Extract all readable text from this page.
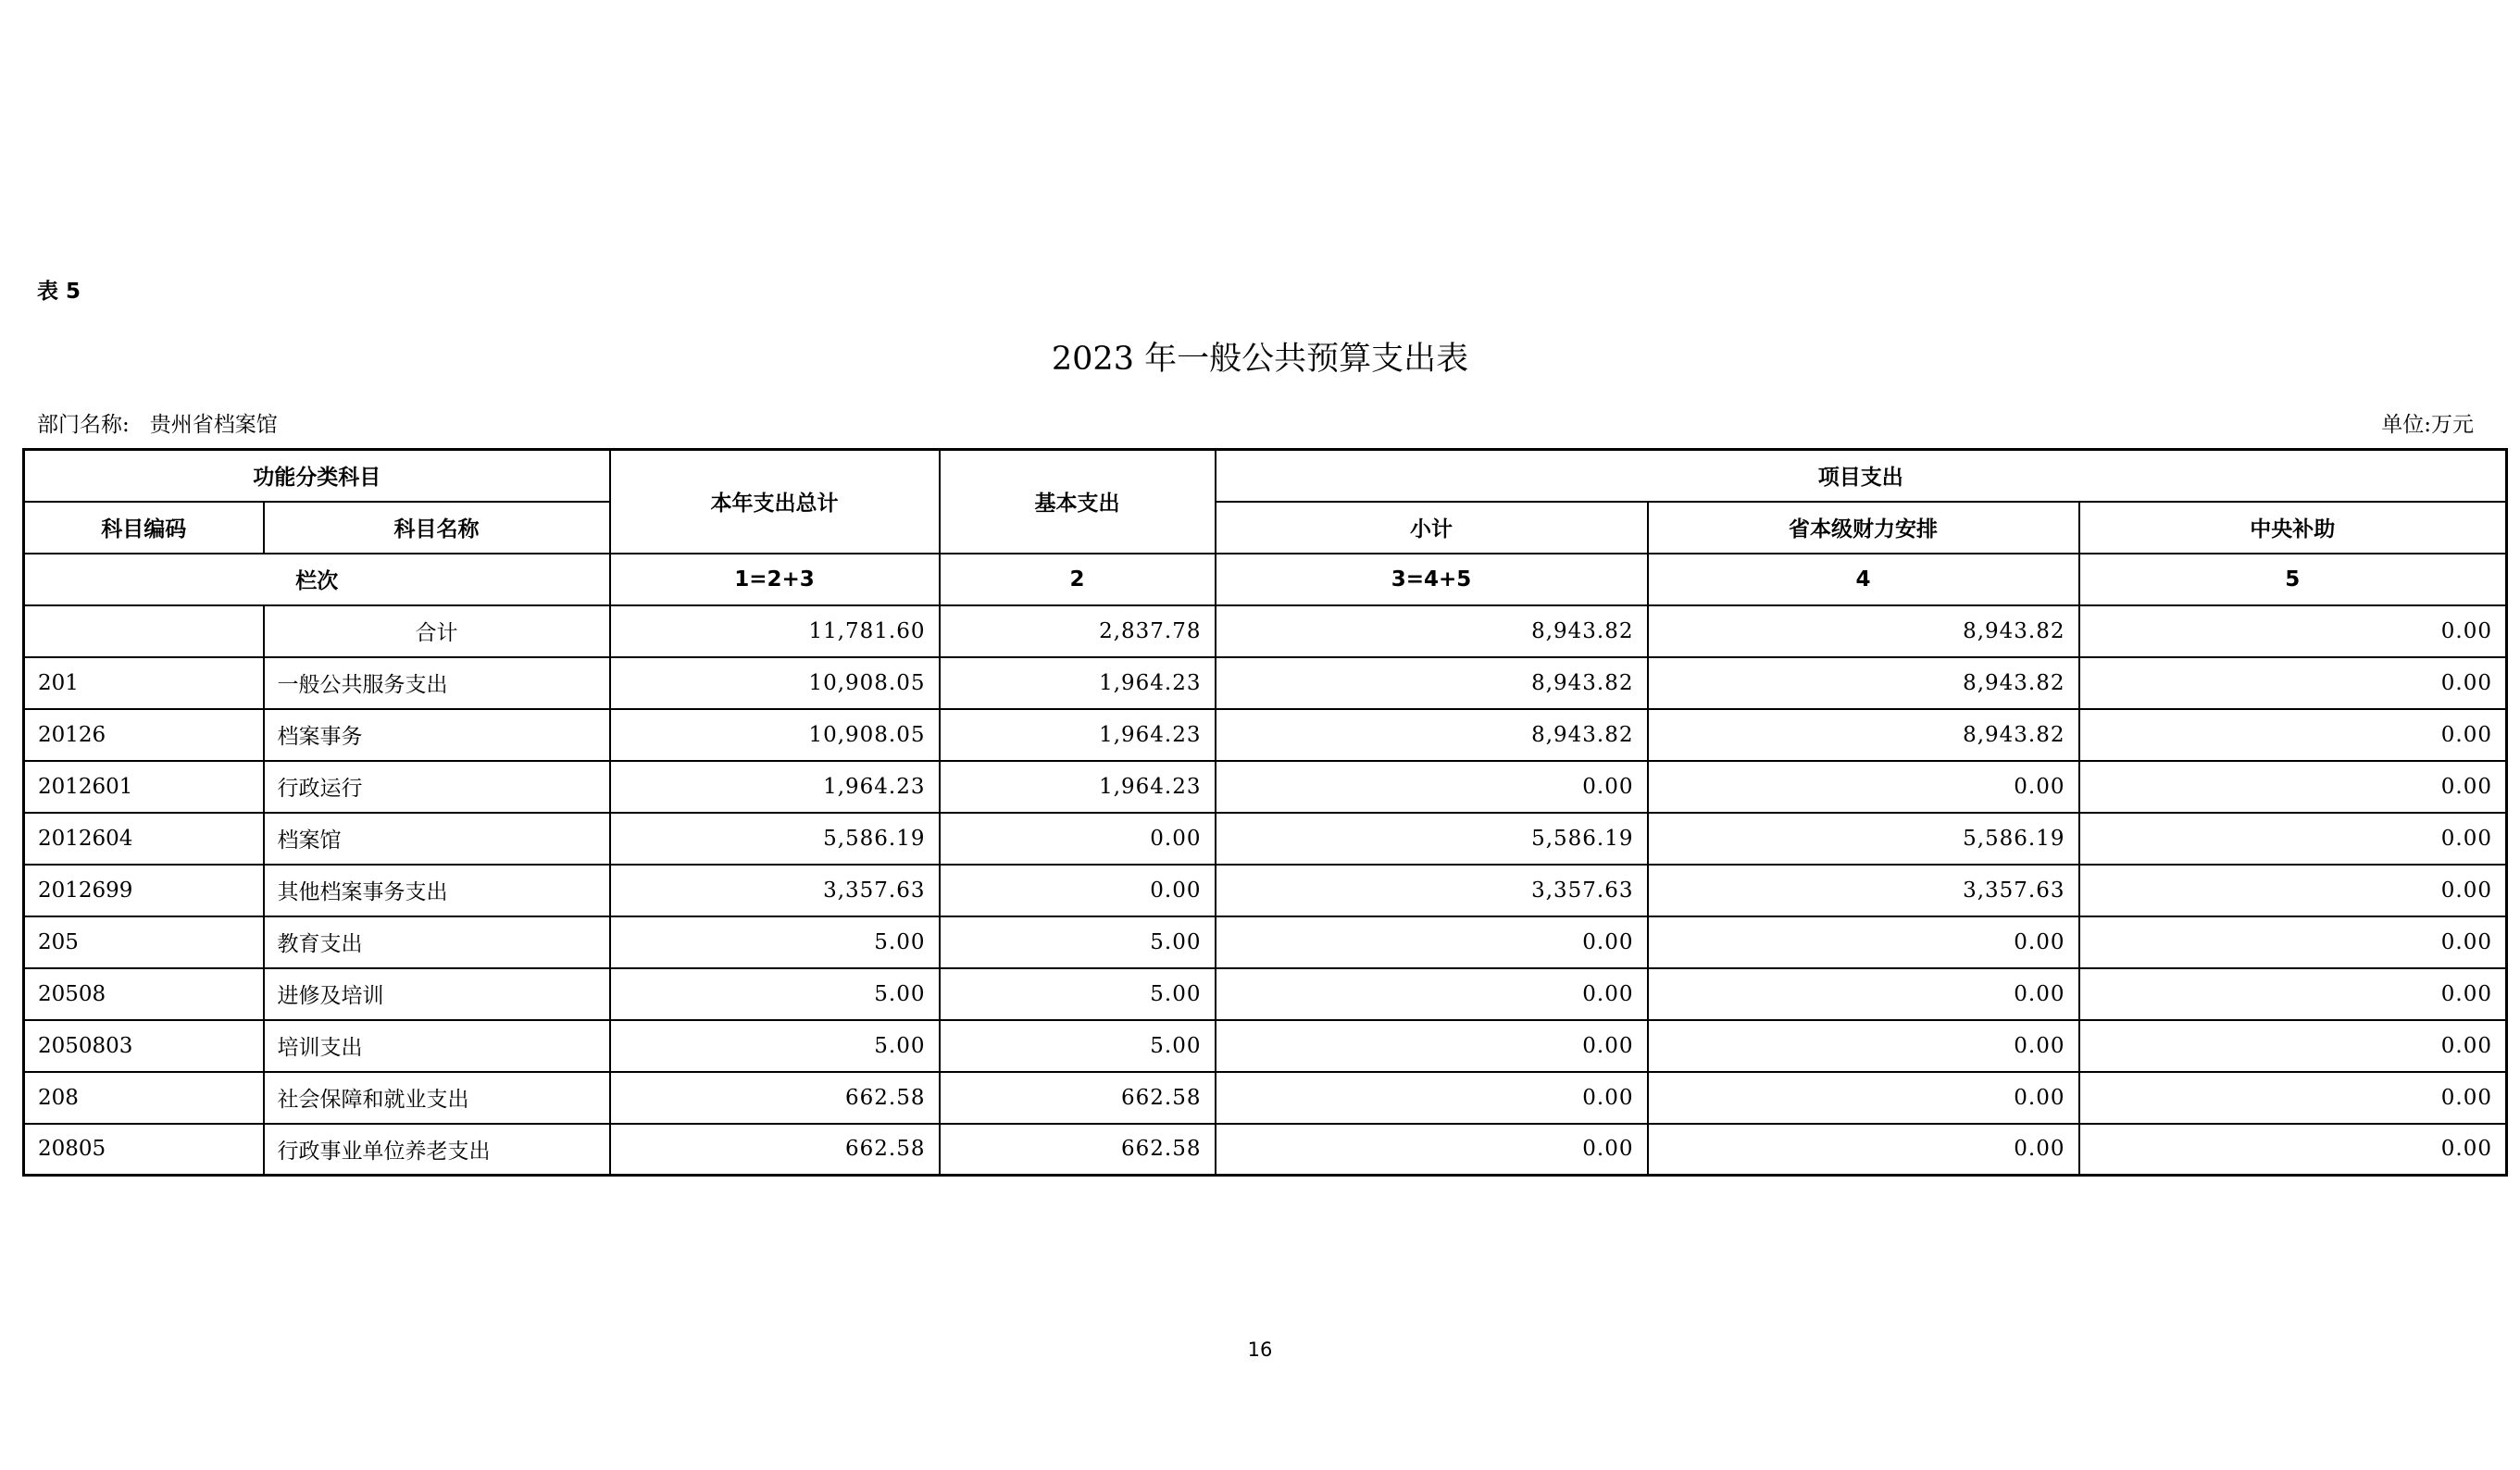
表 5
2023 年一般公共预算支出表
部门名称: 贵州省档案馆	单位:万元
功能分类科目		本年支出总计	基本支出	项目支出		
科目编码	科目名称			小计	省本级财力安排	中央补助
栏次		1=2+3	2	3=4+5	4	5
	合计	11,781.60	2,837.78	8,943.82	8,943.82	0.00
201	一般公共服务支出	10,908.05	1,964.23	8,943.82	8,943.82	0.00
20126	档案事务	10,908.05	1,964.23	8,943.82	8,943.82	0.00
2012601	行政运行	1,964.23	1,964.23	0.00	0.00	0.00
2012604	档案馆	5,586.19	0.00	5,586.19	5,586.19	0.00
2012699	其他档案事务支出	3,357.63	0.00	3,357.63	3,357.63	0.00
205	教育支出	5.00	5.00	0.00	0.00	0.00
20508	进修及培训	5.00	5.00	0.00	0.00	0.00
2050803	培训支出	5.00	5.00	0.00	0.00	0.00
208	社会保障和就业支出	662.58	662.58	0.00	0.00	0.00
20805	行政事业单位养老支出	662.58	662.58	0.00	0.00	0.00
16
